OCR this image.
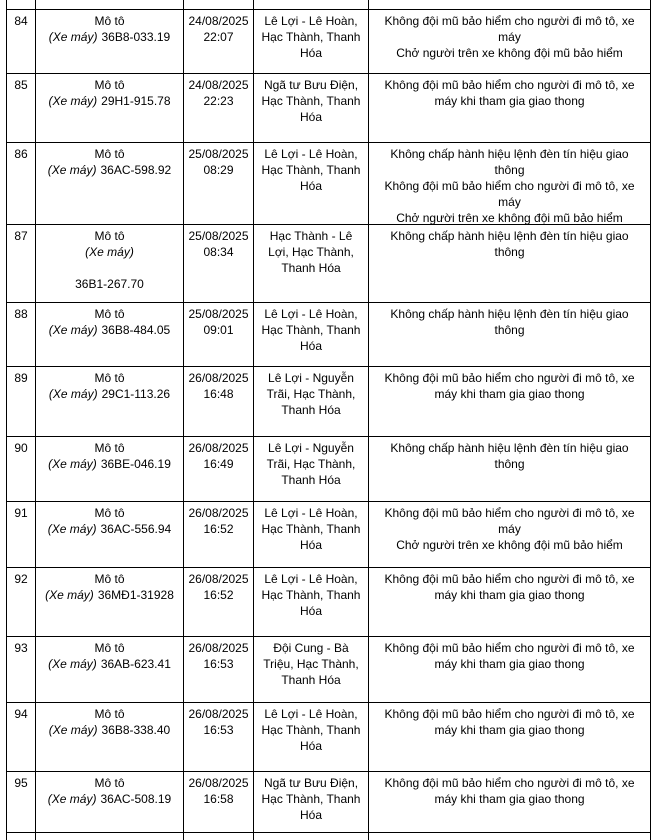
84	Mô tô
(Xe máy) 36B8-033.19
24/08/2025
22:07
Lê Lợi - Lê Hoàn, Hạc Thành, Thanh Hóa
Không đội mũ bảo hiểm cho người đi mô tô, xe máy
Chở người trên xe không đội mũ bảo hiểm
85	Mô tô
(Xe máy) 29H1-915.78
24/08/2025
22:23
Ngã tư Bưu Điện, Hạc Thành, Thanh Hóa
Không đội mũ bảo hiểm cho người đi mô tô, xe máy khi tham gia giao thong
86	Mô tô
(Xe máy) 36AC-598.92
25/08/2025
08:29
Lê Lợi - Lê Hoàn, Hạc Thành, Thanh Hóa
Không chấp hành hiệu lệnh đèn tín hiệu giao thông
Không đội mũ bảo hiểm cho người đi mô tô, xe máy
Chở người trên xe không đội mũ bảo hiểm
87	Mô tô
(Xe máy)
36B1-267.70
25/08/2025
08:34
Hạc Thành - Lê Lợi, Hạc Thành, Thanh Hóa
Không chấp hành hiệu lệnh đèn tín hiệu giao thông
88	Mô tô
(Xe máy) 36B8-484.05
25/08/2025
09:01
Lê Lợi - Lê Hoàn, Hạc Thành, Thanh Hóa
Không chấp hành hiệu lệnh đèn tín hiệu giao thông
89	Mô tô
(Xe máy) 29C1-113.26
26/08/2025
16:48
Lê Lợi - Nguyễn Trãi, Hạc Thành, Thanh Hóa
Không đội mũ bảo hiểm cho người đi mô tô, xe máy khi tham gia giao thong
90	Mô tô
(Xe máy) 36BE-046.19
26/08/2025
16:49
Lê Lợi - Nguyễn Trãi, Hạc Thành, Thanh Hóa
Không chấp hành hiệu lệnh đèn tín hiệu giao thông
91	Mô tô
(Xe máy) 36AC-556.94
26/08/2025
16:52
Lê Lợi - Lê Hoàn, Hạc Thành, Thanh Hóa
Không đội mũ bảo hiểm cho người đi mô tô, xe máy
Chở người trên xe không đội mũ bảo hiểm
92	Mô tô
(Xe máy) 36MĐ1-31928
26/08/2025
16:52
Lê Lợi - Lê Hoàn, Hạc Thành, Thanh Hóa
Không đội mũ bảo hiểm cho người đi mô tô, xe máy khi tham gia giao thong
93	Mô tô
(Xe máy) 36AB-623.41
26/08/2025
16:53
Đội Cung - Bà Triệu, Hạc Thành, Thanh Hóa
Không đội mũ bảo hiểm cho người đi mô tô, xe máy khi tham gia giao thong
94	Mô tô
(Xe máy) 36B8-338.40
26/08/2025
16:53
Lê Lợi - Lê Hoàn, Hạc Thành, Thanh Hóa
Không đội mũ bảo hiểm cho người đi mô tô, xe máy khi tham gia giao thong
95	Mô tô
(Xe máy) 36AC-508.19
26/08/2025
16:58
Ngã tư Bưu Điện, Hạc Thành, Thanh Hóa
Không đội mũ bảo hiểm cho người đi mô tô, xe máy khi tham gia giao thong
